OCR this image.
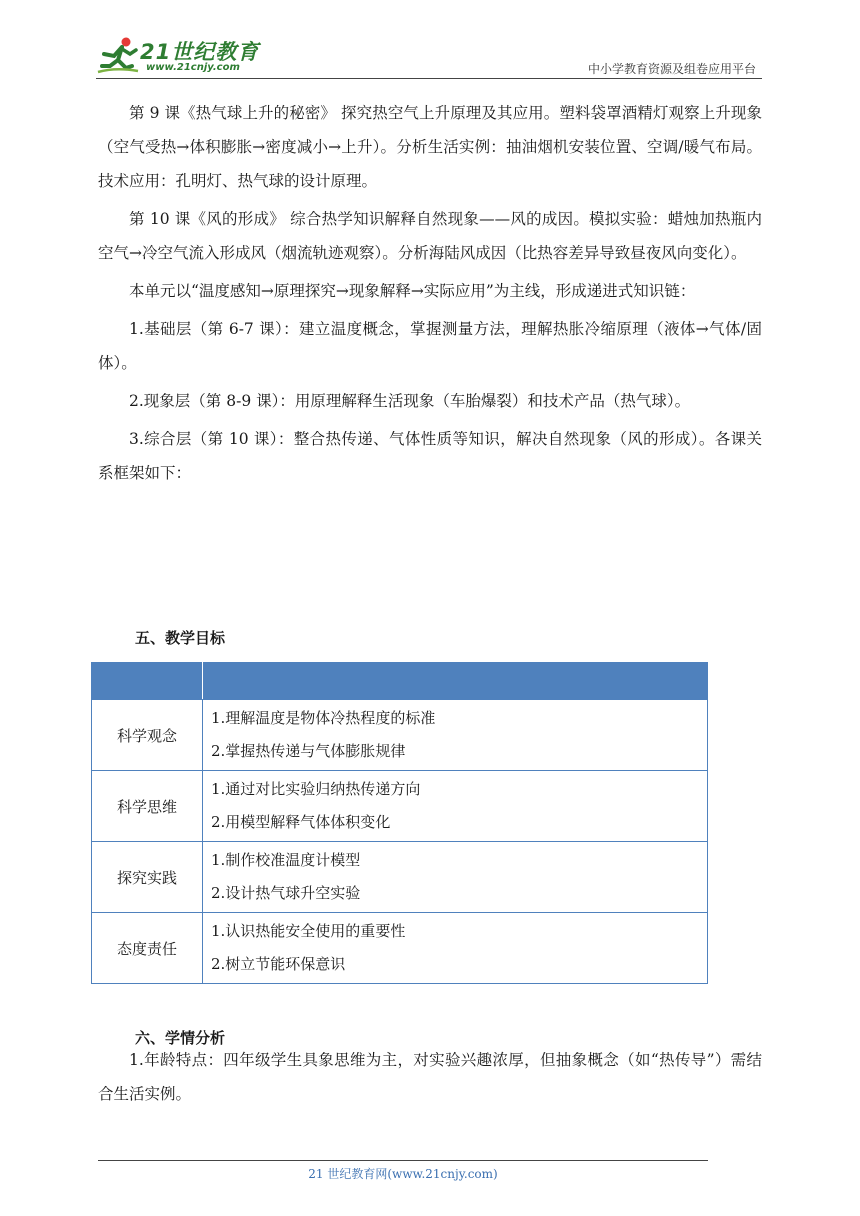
21世纪教育
www.21cnjy.com	中小学教育资源及组卷应用平台

第 9 课《热气球上升的秘密》 探究热空气上升原理及其应用。塑料袋罩酒精灯观察上升现象（空气受热→体积膨胀→密度减小→上升）。分析生活实例：抽油烟机安装位置、空调/暖气布局。技术应用：孔明灯、热气球的设计原理。

第 10 课《风的形成》 综合热学知识解释自然现象——风的成因。模拟实验：蜡烛加热瓶内空气→冷空气流入形成风（烟流轨迹观察）。分析海陆风成因（比热容差异导致昼夜风向变化）。

本单元以“温度感知→原理探究→现象解释→实际应用”为主线，形成递进式知识链：

1.基础层（第 6-7 课）：建立温度概念，掌握测量方法，理解热胀冷缩原理（液体→气体/固体）。

2.现象层（第 8-9 课）：用原理解释生活现象（车胎爆裂）和技术产品（热气球）。

3.综合层（第 10 课）：整合热传递、气体性质等知识，解决自然现象（风的形成）。各课关系框架如下：

五、教学目标

科学观念	1.理解温度是物体冷热程度的标准
2.掌握热传递与气体膨胀规律

科学思维	1.通过对比实验归纳热传递方向
2.用模型解释气体体积变化

探究实践	1.制作校准温度计模型
2.设计热气球升空实验

态度责任	1.认识热能安全使用的重要性
2.树立节能环保意识
六、学情分析

1.年龄特点：四年级学生具象思维为主，对实验兴趣浓厚，但抽象概念（如“热传导”）需结合生活实例。

21 世纪教育网(www.21cnjy.com)
